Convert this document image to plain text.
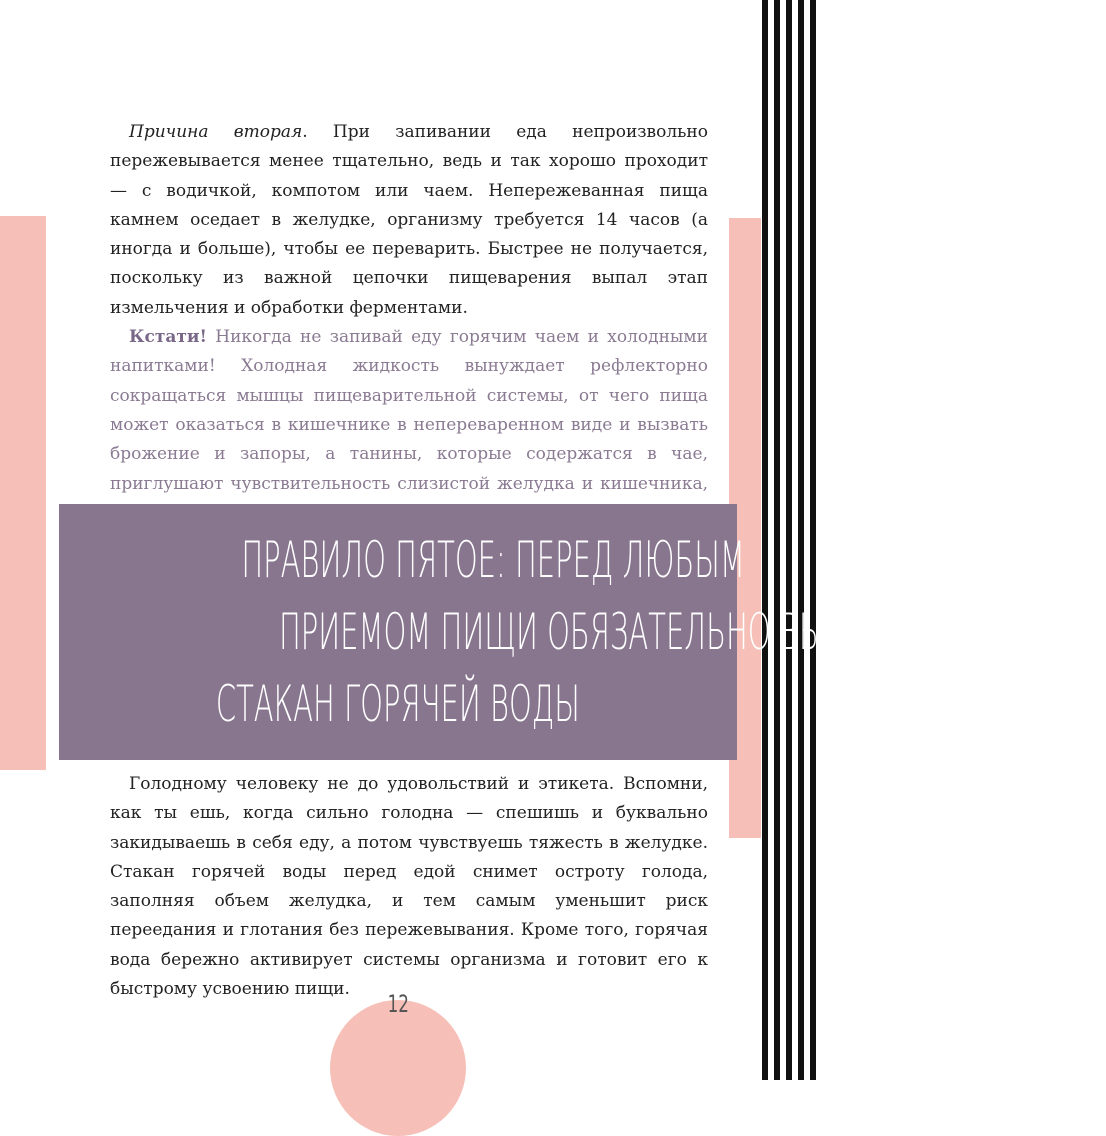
Причина вторая. При запивании еда непроизвольно пережевывается менее тщательно, ведь и так хорошо проходит — с водичкой, компотом или чаем. Непережеванная пища камнем оседает в желудке, организму требуется 14 часов (а иногда и больше), чтобы ее переварить. Быстрее не получается, поскольку из важной цепочки пищеварения выпал этап измельчения и обработки ферментами.

Кстати! Никогда не запивай еду горячим чаем и холодными напитками! Холодная жидкость вынуждает рефлекторно сокращаться мышцы пищеварительной системы, от чего пища может оказаться в кишечнике в непереваренном виде и вызвать брожение и запоры, а танины, которые содержатся в чае, приглушают чувствительность слизистой желудка и кишечника,

ПРАВИЛО ПЯТОЕ: ПЕРЕД ЛЮБЫМ
ПРИЕМОМ ПИЩИ ОБЯЗАТЕЛЬНО ВЫПЕЙ
СТАКАН ГОРЯЧЕЙ ВОДЫ

Голодному человеку не до удовольствий и этикета. Вспомни, как ты ешь, когда сильно голодна — спешишь и буквально закидываешь в себя еду, а потом чувствуешь тяжесть в желудке. Стакан горячей воды перед едой снимет остроту голода, заполняя объем желудка, и тем самым уменьшит риск переедания и глотания без пережевывания. Кроме того, горячая вода бережно активирует системы организма и готовит его к быстрому усвоению пищи.

12
